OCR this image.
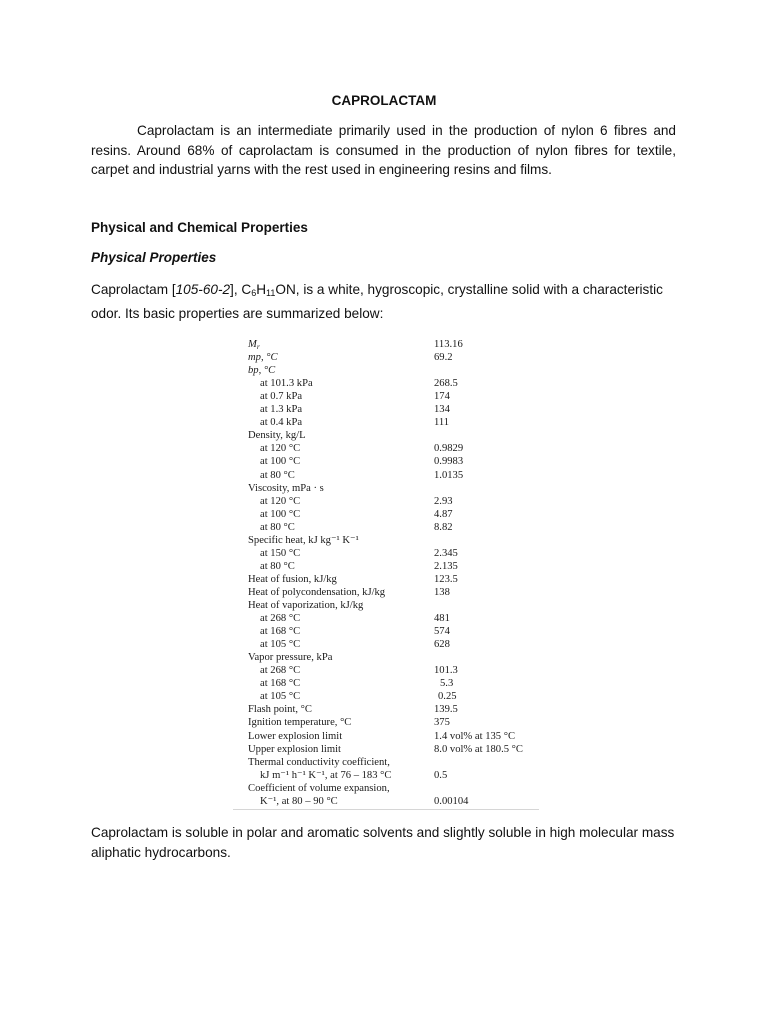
CAPROLACTAM
Caprolactam is an intermediate primarily used in the production of nylon 6 fibres and resins. Around 68% of caprolactam is consumed in the production of nylon fibres for textile, carpet and industrial yarns with the rest used in engineering resins and films.
Physical and Chemical Properties
Physical Properties
Caprolactam [105-60-2], $C_6H_{11}ON$, is a white, hygroscopic, crystalline solid with a characteristic odor. Its basic properties are summarized below:
Mr	113.16
mp, °C	69.2
bp, °C
at 101.3 kPa	268.5
at 0.7 kPa	174
at 1.3 kPa	134
at 0.4 kPa	111
Density, kg/L
at 120 °C	0.9829
at 100 °C	0.9983
at 80 °C	1.0135
Viscosity, mPa · s
at 120 °C	2.93
at 100 °C	4.87
at 80 °C	8.82
Specific heat, kJ kg⁻¹ K⁻¹
at 150 °C	2.345
at 80 °C	2.135
Heat of fusion, kJ/kg	123.5
Heat of polycondensation, kJ/kg	138
Heat of vaporization, kJ/kg
at 268 °C	481
at 168 °C	574
at 105 °C	628
Vapor pressure, kPa
at 268 °C	101.3
at 168 °C	5.3
at 105 °C	0.25
Flash point, °C	139.5
Ignition temperature, °C	375
Lower explosion limit	1.4 vol% at 135 °C
Upper explosion limit	8.0 vol% at 180.5 °C
Thermal conductivity coefficient,
kJ m⁻¹ h⁻¹ K⁻¹, at 76 – 183 °C	0.5
Coefficient of volume expansion,
K⁻¹, at 80 – 90 °C	0.00104
Caprolactam is soluble in polar and aromatic solvents and slightly soluble in high molecular mass aliphatic hydrocarbons.
